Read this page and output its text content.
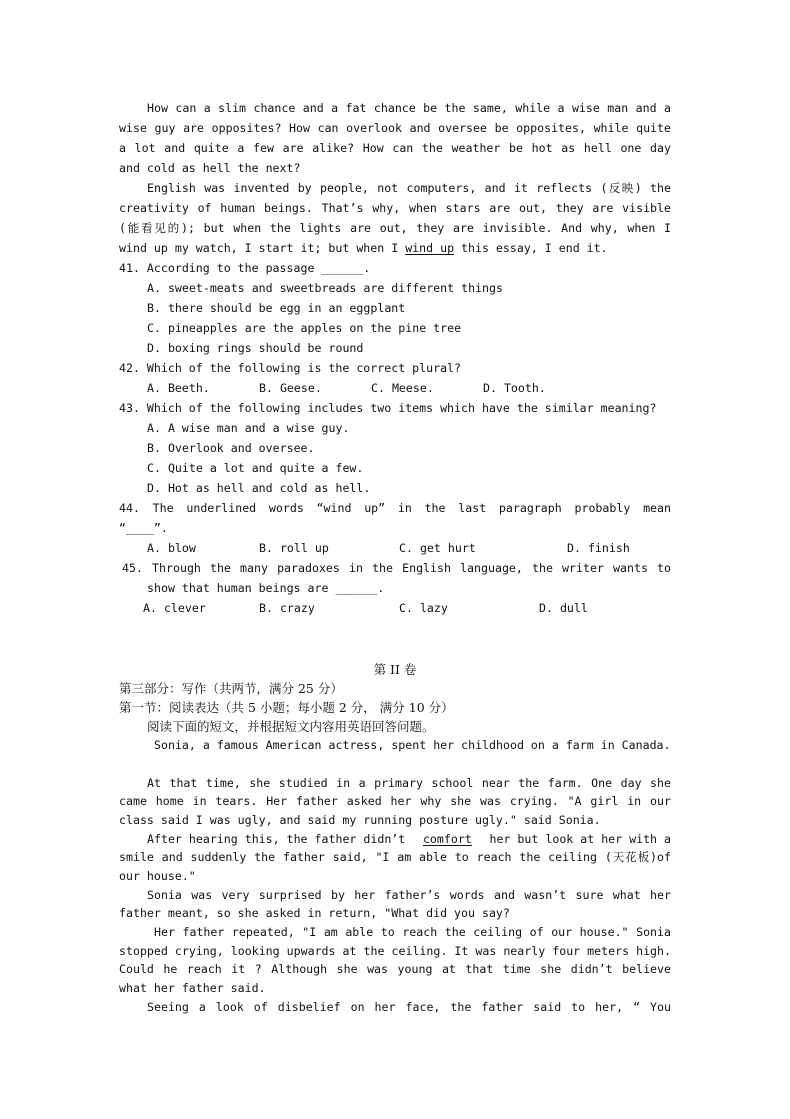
How can a slim chance and a fat chance be the same, while a wise man and a
wise guy are opposites? How can overlook and oversee be opposites, while quite
a lot and quite a few are alike? How can the weather be hot as hell one day
and cold as hell the next?
English was invented by people, not computers, and it reflects (反映) the
creativity of human beings. That’s why, when stars are out, they are visible
(能看见的); but when the lights are out, they are invisible. And why, when I
wind up my watch, I start it; but when I wind up this essay, I end it.
41. According to the passage ______.
A. sweet-meats and sweetbreads are different things
B. there should be egg in an eggplant
C. pineapples are the apples on the pine tree
D. boxing rings should be round
42. Which of the following is the correct plural?
A. Beeth.	B. Geese.	C. Meese.	D. Tooth.
43. Which of the following includes two items which have the similar meaning?
A. A wise man and a wise guy.
B. Overlook and oversee.
C. Quite a lot and quite a few.
D. Hot as hell and cold as hell.
44. The underlined words “wind up” in the last paragraph probably mean
“____”.
A. blow	B. roll up	C. get hurt	D. finish
45. Through the many paradoxes in the English language, the writer wants to
show that human beings are ______.
A. clever	B. crazy	C. lazy	D. dull
第 II 卷
第三部分：写作（共两节，满分 25 分）
第一节：阅读表达（共 5 小题；每小题 2 分， 满分 10 分）
阅读下面的短文，并根据短文内容用英语回答问题。
Sonia, a famous American actress, spent her childhood on a farm in Canada.
At that time, she studied in a primary school near the farm. One day she
came home in tears. Her father asked her why she was crying. "A girl in our
class said I was ugly, and said my running posture ugly." said Sonia.
After hearing this, the father didn’t comfort her but look at her with a
smile and suddenly the father said, "I am able to reach the ceiling (天花板)of
our house."
Sonia was very surprised by her father’s words and wasn’t sure what her
father meant, so she asked in return, "What did you say?
Her father repeated, "I am able to reach the ceiling of our house." Sonia
stopped crying, looking upwards at the ceiling. It was nearly four meters high.
Could he reach it ? Although she was young at that time she didn’t believe
what her father said.
Seeing a look of disbelief on her face, the father said to her, “ You
